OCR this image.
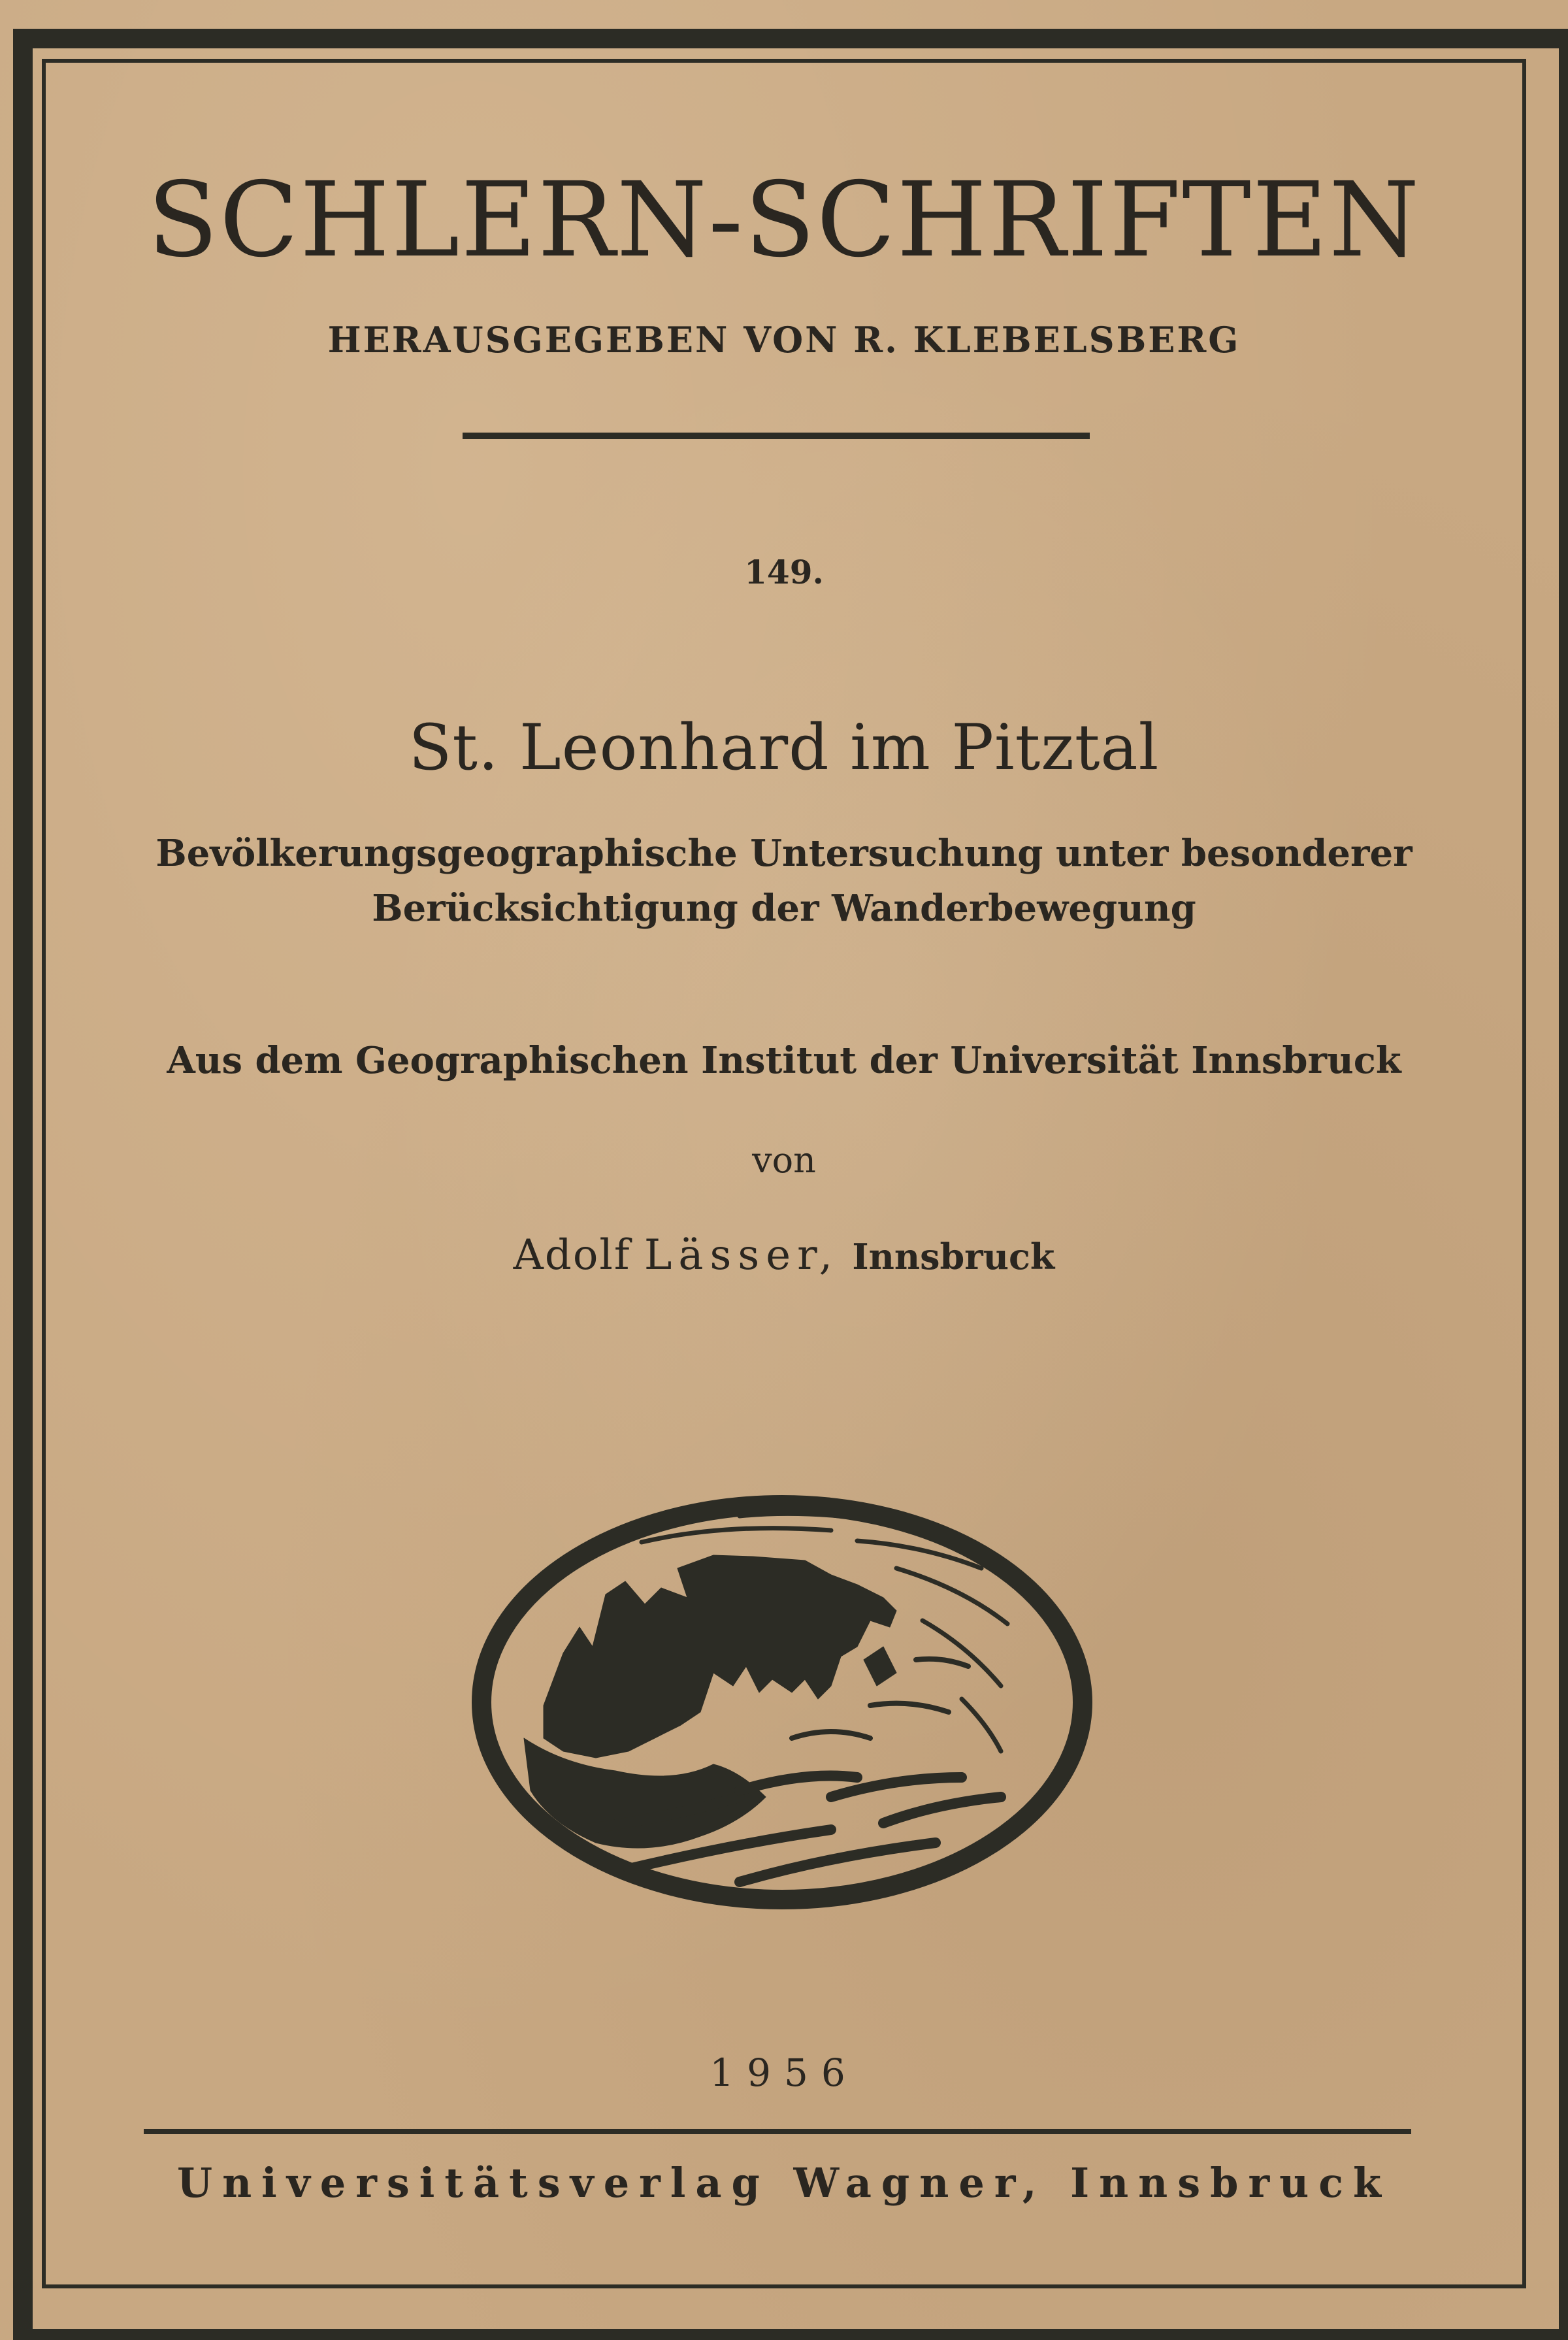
SCHLERN-SCHRIFTEN
HERAUSGEGEBEN VON R. KLEBELSBERG
149.
St. Leonhard im Pitztal
Bevölkerungsgeographische Untersuchung unter besonderer
Berücksichtigung der Wanderbewegung
Aus dem Geographischen Institut der Universität Innsbruck
von
Adolf Lässer, Innsbruck
1956
Universitätsverlag Wagner, Innsbruck
